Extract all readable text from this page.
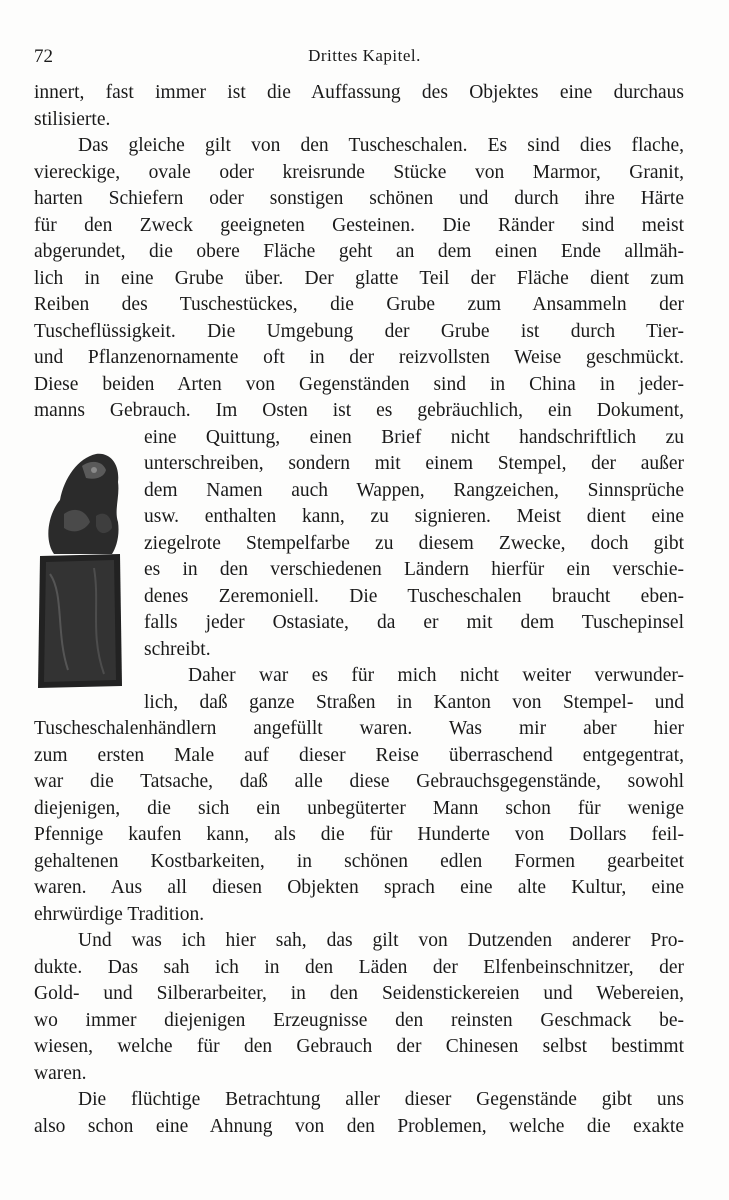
72	Drittes Kapitel.
innert, fast immer ist die Auffassung des Objektes eine durchaus
stilisierte.
Das gleiche gilt von den Tuscheschalen. Es sind dies flache,
viereckige, ovale oder kreisrunde Stücke von Marmor, Granit,
harten Schiefern oder sonstigen schönen und durch ihre Härte
für den Zweck geeigneten Gesteinen. Die Ränder sind meist
abgerundet, die obere Fläche geht an dem einen Ende allmäh-
lich in eine Grube über. Der glatte Teil der Fläche dient zum
Reiben des Tuschestückes, die Grube zum Ansammeln der
Tuscheflüssigkeit. Die Umgebung der Grube ist durch Tier-
und Pflanzenornamente oft in der reizvollsten Weise geschmückt.
Diese beiden Arten von Gegenständen sind in China in jeder-
manns Gebrauch. Im Osten ist es gebräuchlich, ein Dokument,
eine Quittung, einen Brief nicht handschriftlich zu
unterschreiben, sondern mit einem Stempel, der außer
dem Namen auch Wappen, Rangzeichen, Sinnsprüche
usw. enthalten kann, zu signieren. Meist dient eine
ziegelrote Stempelfarbe zu diesem Zwecke, doch gibt
es in den verschiedenen Ländern hierfür ein verschie-
denes Zeremoniell. Die Tuscheschalen braucht eben-
falls jeder Ostasiate, da er mit dem Tuschepinsel
schreibt.
Daher war es für mich nicht weiter verwunder-
lich, daß ganze Straßen in Kanton von Stempel- und
Tuscheschalenhändlern angefüllt waren. Was mir aber hier
zum ersten Male auf dieser Reise überraschend entgegentrat,
war die Tatsache, daß alle diese Gebrauchsgegenstände, sowohl
diejenigen, die sich ein unbegüterter Mann schon für wenige
Pfennige kaufen kann, als die für Hunderte von Dollars feil-
gehaltenen Kostbarkeiten, in schönen edlen Formen gearbeitet
waren. Aus all diesen Objekten sprach eine alte Kultur, eine
ehrwürdige Tradition.
Und was ich hier sah, das gilt von Dutzenden anderer Pro-
dukte. Das sah ich in den Läden der Elfenbeinschnitzer, der
Gold- und Silberarbeiter, in den Seidenstickereien und Webereien,
wo immer diejenigen Erzeugnisse den reinsten Geschmack be-
wiesen, welche für den Gebrauch der Chinesen selbst bestimmt
waren.
Die flüchtige Betrachtung aller dieser Gegenstände gibt uns
also schon eine Ahnung von den Problemen, welche die exakte
